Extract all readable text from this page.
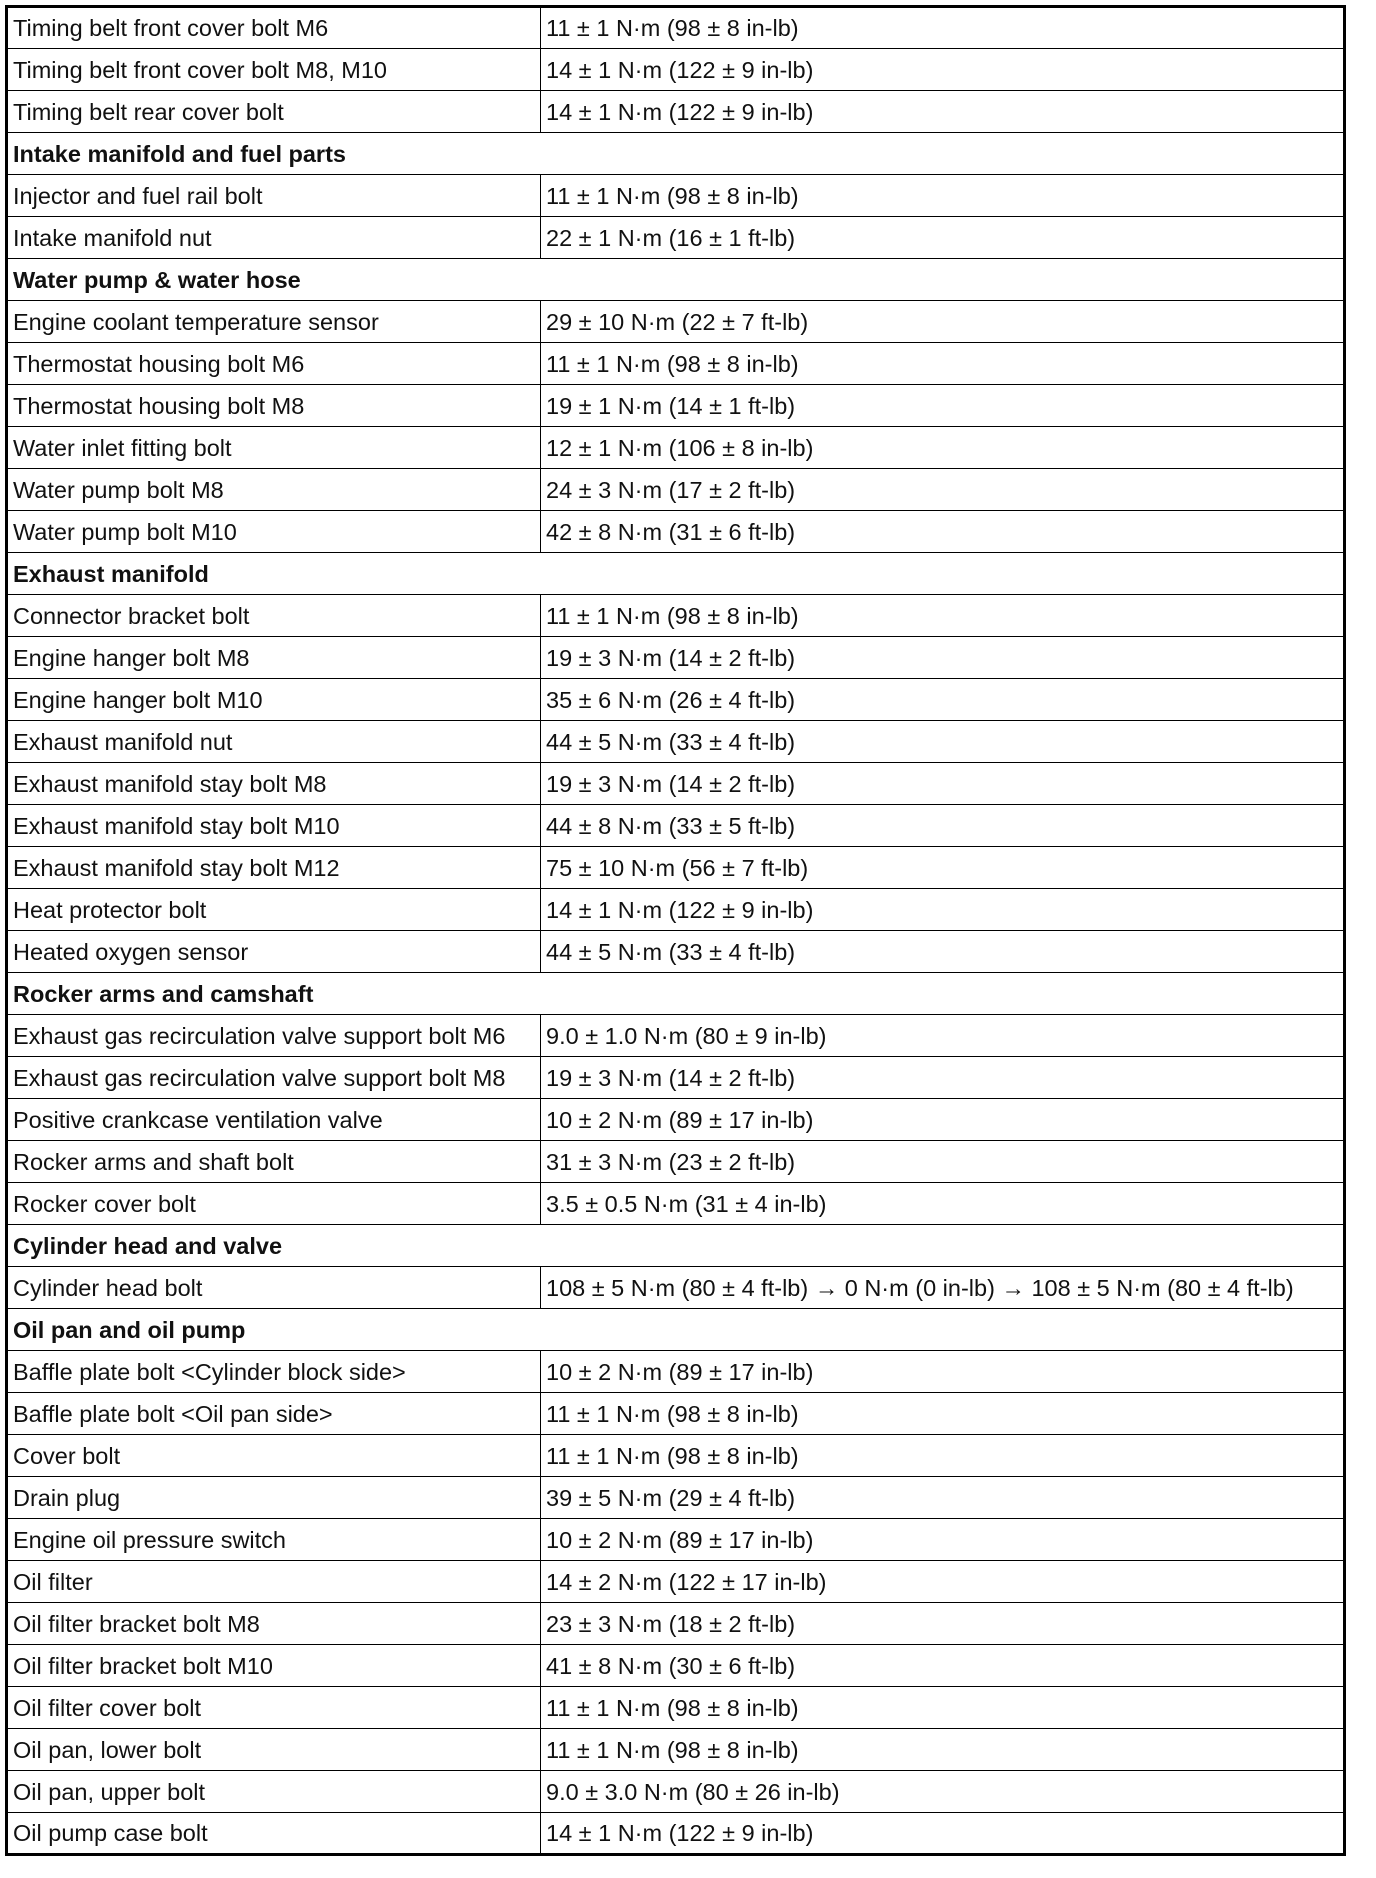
Timing belt front cover bolt M6	11 ± 1 N·m (98 ± 8 in-lb)
Timing belt front cover bolt M8, M10	14 ± 1 N·m (122 ± 9 in-lb)
Timing belt rear cover bolt	14 ± 1 N·m (122 ± 9 in-lb)
Intake manifold and fuel parts	
Injector and fuel rail bolt	11 ± 1 N·m (98 ± 8 in-lb)
Intake manifold nut	22 ± 1 N·m (16 ± 1 ft-lb)
Water pump & water hose	
Engine coolant temperature sensor	29 ± 10 N·m (22 ± 7 ft-lb)
Thermostat housing bolt M6	11 ± 1 N·m (98 ± 8 in-lb)
Thermostat housing bolt M8	19 ± 1 N·m (14 ± 1 ft-lb)
Water inlet fitting bolt	12 ± 1 N·m (106 ± 8 in-lb)
Water pump bolt M8	24 ± 3 N·m (17 ± 2 ft-lb)
Water pump bolt M10	42 ± 8 N·m (31 ± 6 ft-lb)
Exhaust manifold	
Connector bracket bolt	11 ± 1 N·m (98 ± 8 in-lb)
Engine hanger bolt M8	19 ± 3 N·m (14 ± 2 ft-lb)
Engine hanger bolt M10	35 ± 6 N·m (26 ± 4 ft-lb)
Exhaust manifold nut	44 ± 5 N·m (33 ± 4 ft-lb)
Exhaust manifold stay bolt M8	19 ± 3 N·m (14 ± 2 ft-lb)
Exhaust manifold stay bolt M10	44 ± 8 N·m (33 ± 5 ft-lb)
Exhaust manifold stay bolt M12	75 ± 10 N·m (56 ± 7 ft-lb)
Heat protector bolt	14 ± 1 N·m (122 ± 9 in-lb)
Heated oxygen sensor	44 ± 5 N·m (33 ± 4 ft-lb)
Rocker arms and camshaft	
Exhaust gas recirculation valve support bolt M6	9.0 ± 1.0 N·m (80 ± 9 in-lb)
Exhaust gas recirculation valve support bolt M8	19 ± 3 N·m (14 ± 2 ft-lb)
Positive crankcase ventilation valve	10 ± 2 N·m (89 ± 17 in-lb)
Rocker arms and shaft bolt	31 ± 3 N·m (23 ± 2 ft-lb)
Rocker cover bolt	3.5 ± 0.5 N·m (31 ± 4 in-lb)
Cylinder head and valve	
Cylinder head bolt	108 ± 5 N·m (80 ± 4 ft-lb) → 0 N·m (0 in-lb) → 108 ± 5 N·m (80 ± 4 ft-lb)
Oil pan and oil pump	
Baffle plate bolt <Cylinder block side>	10 ± 2 N·m (89 ± 17 in-lb)
Baffle plate bolt <Oil pan side>	11 ± 1 N·m (98 ± 8 in-lb)
Cover bolt	11 ± 1 N·m (98 ± 8 in-lb)
Drain plug	39 ± 5 N·m (29 ± 4 ft-lb)
Engine oil pressure switch	10 ± 2 N·m (89 ± 17 in-lb)
Oil filter	14 ± 2 N·m (122 ± 17 in-lb)
Oil filter bracket bolt M8	23 ± 3 N·m (18 ± 2 ft-lb)
Oil filter bracket bolt M10	41 ± 8 N·m (30 ± 6 ft-lb)
Oil filter cover bolt	11 ± 1 N·m (98 ± 8 in-lb)
Oil pan, lower bolt	11 ± 1 N·m (98 ± 8 in-lb)
Oil pan, upper bolt	9.0 ± 3.0 N·m (80 ± 26 in-lb)
Oil pump case bolt	14 ± 1 N·m (122 ± 9 in-lb)
